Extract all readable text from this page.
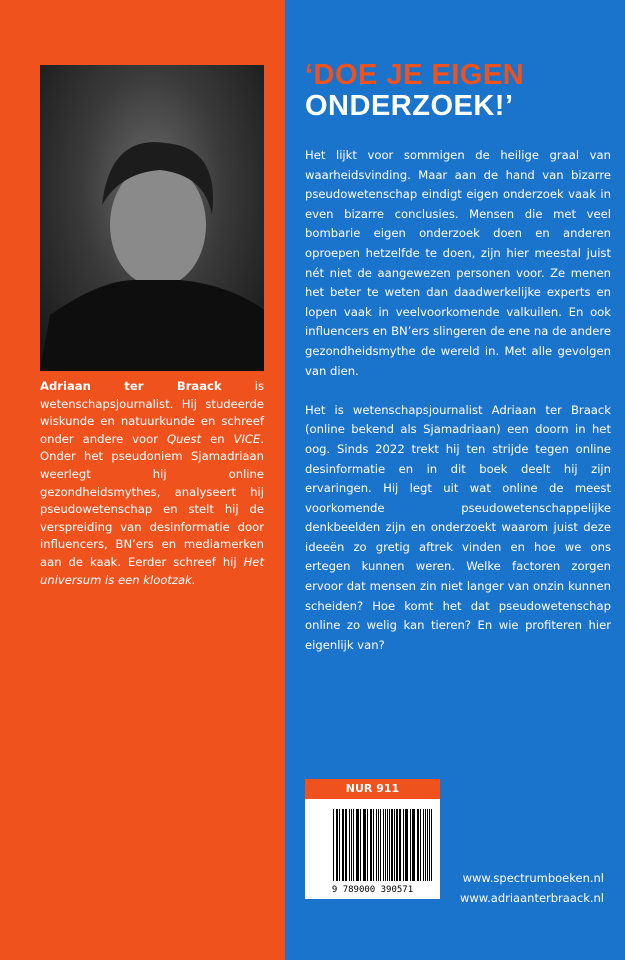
Adriaan ter Braack is wetenschapsjournalist. Hij studeerde wiskunde en natuurkunde en schreef onder andere voor Quest en VICE. Onder het pseudoniem Sjamadriaan weerlegt hij online gezondheidsmythes, analyseert hij pseudowetenschap en stelt hij de verspreiding van desinformatie door influencers, BN’ers en mediamerken aan de kaak. Eerder schreef hij Het universum is een klootzak.
www.spectrumboeken.nl
www.adriaanterbraack.nl
‘DOE JE EIGEN
ONDERZOEK!’

Het lijkt voor sommigen de heilige graal van waarheidsvinding. Maar aan de hand van bizarre pseudowetenschap eindigt eigen onderzoek vaak in even bizarre conclusies. Mensen die met veel bombarie eigen onderzoek doen en anderen oproepen hetzelfde te doen, zijn hier meestal juist nét niet de aangewezen personen voor. Ze menen het beter te weten dan daadwerkelijke experts en lopen vaak in veelvoorkomende valkuilen. En ook influencers en BN’ers slingeren de ene na de andere gezondheidsmythe de wereld in. Met alle gevolgen van dien.

Het is wetenschapsjournalist Adriaan ter Braack (online bekend als Sjamadriaan) een doorn in het oog. Sinds 2022 trekt hij ten strijde tegen online desinformatie en in dit boek deelt hij zijn ervaringen. Hij legt uit wat online de meest voorkomende pseudowetenschappelijke denkbeelden zijn en onderzoekt waarom juist deze ideeën zo gretig aftrek vinden en hoe we ons ertegen kunnen weren. Welke factoren zorgen ervoor dat mensen zin niet langer van onzin kunnen scheiden? Hoe komt het dat pseudowetenschap online zo welig kan tieren? En wie profiteren hier eigenlijk van?

NUR 911
9 789000 390571
